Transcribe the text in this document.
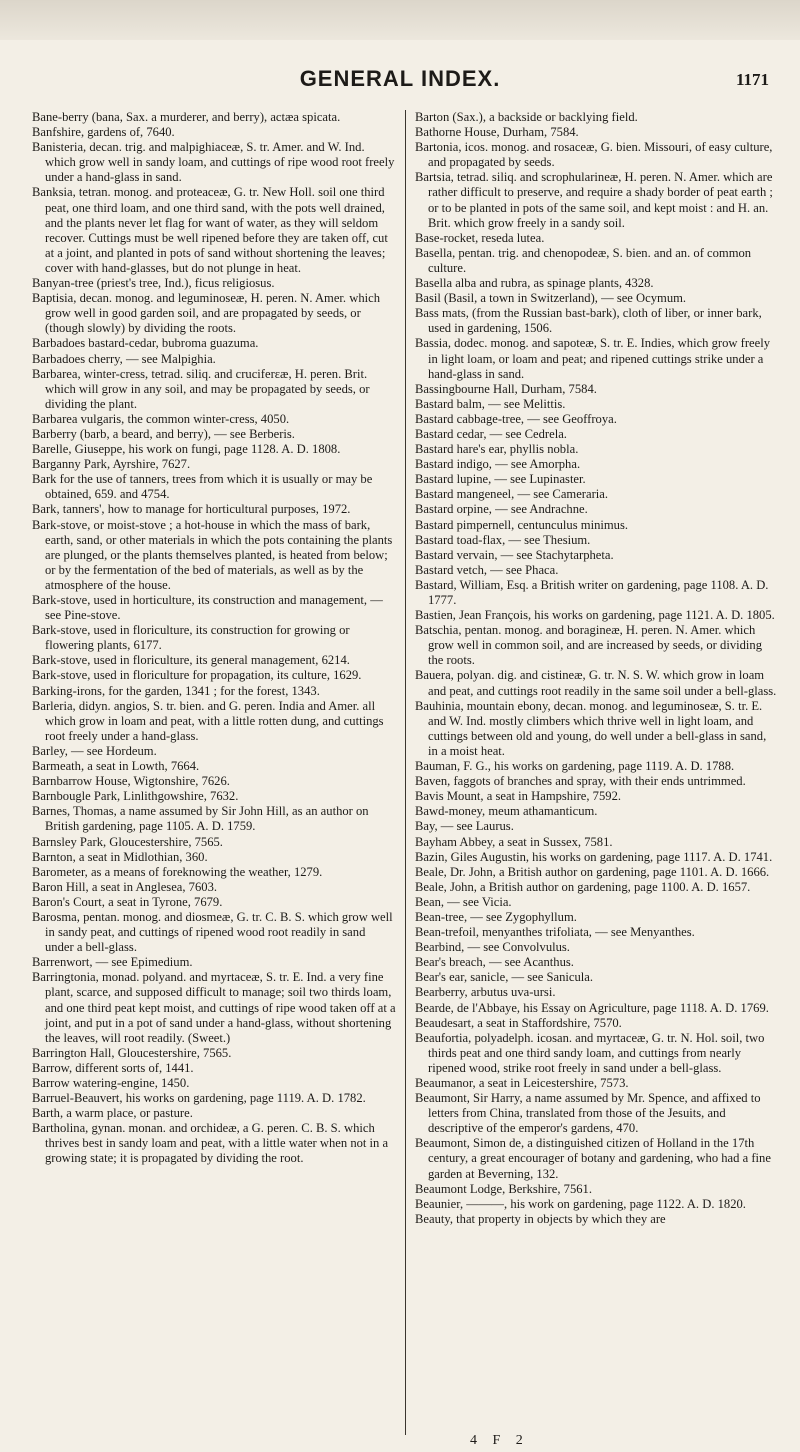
GENERAL INDEX.	1171

Bane-berry (bana, Sax. a murderer, and berry), actæa spicata.

Banfshire, gardens of, 7640.

Banisteria, decan. trig. and malpighiaceæ, S. tr. Amer. and W. Ind. which grow well in sandy loam, and cuttings of ripe wood root freely under a hand-glass in sand.

Banksia, tetran. monog. and proteaceæ, G. tr. New Holl. soil one third peat, one third loam, and one third sand, with the pots well drained, and the plants never let flag for want of water, as they will seldom recover. Cuttings must be well ripened before they are taken off, cut at a joint, and planted in pots of sand without shortening the leaves; cover with hand-glasses, but do not plunge in heat.

Banyan-tree (priest's tree, Ind.), ficus religiosus.

Baptisia, decan. monog. and leguminoseæ, H. peren. N. Amer. which grow well in good garden soil, and are propagated by seeds, or (though slowly) by dividing the roots.

Barbadoes bastard-cedar, bubroma guazuma.

Barbadoes cherry, — see Malpighia.

Barbarea, winter-cress, tetrad. siliq. and cruciferεæ, H. peren. Brit. which will grow in any soil, and may be propagated by seeds, or dividing the plant.

Barbarea vulgaris, the common winter-cress, 4050.

Barberry (barb, a beard, and berry), — see Berberis.

Barelle, Giuseppe, his work on fungi, page 1128. A. D. 1808.

Barganny Park, Ayrshire, 7627.

Bark for the use of tanners, trees from which it is usually or may be obtained, 659. and 4754.

Bark, tanners', how to manage for horticultural purposes, 1972.

Bark-stove, or moist-stove ; a hot-house in which the mass of bark, earth, sand, or other materials in which the pots containing the plants are plunged, or the plants themselves planted, is heated from below; or by the fermentation of the bed of materials, as well as by the atmosphere of the house.

Bark-stove, used in horticulture, its construction and management, — see Pine-stove.

Bark-stove, used in floriculture, its construction for growing or flowering plants, 6177.

Bark-stove, used in floriculture, its general management, 6214.

Bark-stove, used in floriculture for propagation, its culture, 1629.

Barking-irons, for the garden, 1341 ; for the forest, 1343.

Barleria, didyn. angios, S. tr. bien. and G. peren. India and Amer. all which grow in loam and peat, with a little rotten dung, and cuttings root freely under a hand-glass.

Barley, — see Hordeum.

Barmeath, a seat in Lowth, 7664.

Barnbarrow House, Wigtonshire, 7626.

Barnbougle Park, Linlithgowshire, 7632.

Barnes, Thomas, a name assumed by Sir John Hill, as an author on British gardening, page 1105. A. D. 1759.

Barnsley Park, Gloucestershire, 7565.

Barnton, a seat in Midlothian, 360.

Barometer, as a means of foreknowing the weather, 1279.

Baron Hill, a seat in Anglesea, 7603.

Baron's Court, a seat in Tyrone, 7679.

Barosma, pentan. monog. and diosmeæ, G. tr. C. B. S. which grow well in sandy peat, and cuttings of ripened wood root readily in sand under a bell-glass.

Barrenwort, — see Epimedium.

Barringtonia, monad. polyand. and myrtaceæ, S. tr. E. Ind. a very fine plant, scarce, and supposed difficult to manage; soil two thirds loam, and one third peat kept moist, and cuttings of ripe wood taken off at a joint, and put in a pot of sand under a hand-glass, without shortening the leaves, will root readily. (Sweet.)

Barrington Hall, Gloucestershire, 7565.

Barrow, different sorts of, 1441.

Barrow watering-engine, 1450.

Barruel-Beauvert, his works on gardening, page 1119. A. D. 1782.

Barth, a warm place, or pasture.

Bartholina, gynan. monan. and orchideæ, a G. peren. C. B. S. which thrives best in sandy loam and peat, with a little water when not in a growing state; it is propagated by dividing the root.

Barton (Sax.), a backside or backlying field.

Bathorne House, Durham, 7584.

Bartonia, icos. monog. and rosaceæ, G. bien. Missouri, of easy culture, and propagated by seeds.

Bartsia, tetrad. siliq. and scrophularineæ, H. peren. N. Amer. which are rather difficult to preserve, and require a shady border of peat earth ; or to be planted in pots of the same soil, and kept moist : and H. an. Brit. which grow freely in a sandy soil.

Base-rocket, reseda lutea.

Basella, pentan. trig. and chenopodeæ, S. bien. and an. of common culture.

Basella alba and rubra, as spinage plants, 4328.

Basil (Basil, a town in Switzerland), — see Ocymum.

Bass mats, (from the Russian bast-bark), cloth of liber, or inner bark, used in gardening, 1506.

Bassia, dodec. monog. and sapoteæ, S. tr. E. Indies, which grow freely in light loam, or loam and peat; and ripened cuttings strike under a hand-glass in sand.

Bassingbourne Hall, Durham, 7584.

Bastard balm, — see Melittis.

Bastard cabbage-tree, — see Geoffroya.

Bastard cedar, — see Cedrela.

Bastard hare's ear, phyllis nobla.

Bastard indigo, — see Amorpha.

Bastard lupine, — see Lupinaster.

Bastard mangeneel, — see Cameraria.

Bastard orpine, — see Andrachne.

Bastard pimpernell, centunculus minimus.

Bastard toad-flax, — see Thesium.

Bastard vervain, — see Stachytarpheta.

Bastard vetch, — see Phaca.

Bastard, William, Esq. a British writer on gardening, page 1108. A. D. 1777.

Bastien, Jean François, his works on gardening, page 1121. A. D. 1805.

Batschia, pentan. monog. and boragineæ, H. peren. N. Amer. which grow well in common soil, and are increased by seeds, or dividing the roots.

Bauera, polyan. dig. and cistineæ, G. tr. N. S. W. which grow in loam and peat, and cuttings root readily in the same soil under a bell-glass.

Bauhinia, mountain ebony, decan. monog. and leguminoseæ, S. tr. E. and W. Ind. mostly climbers which thrive well in light loam, and cuttings between old and young, do well under a bell-glass in sand, in a moist heat.

Bauman, F. G., his works on gardening, page 1119. A. D. 1788.

Baven, faggots of branches and spray, with their ends untrimmed.

Bavis Mount, a seat in Hampshire, 7592.

Bawd-money, meum athamanticum.

Bay, — see Laurus.

Bayham Abbey, a seat in Sussex, 7581.

Bazin, Giles Augustin, his works on gardening, page 1117. A. D. 1741.

Beale, Dr. John, a British author on gardening, page 1101. A. D. 1666.

Beale, John, a British author on gardening, page 1100. A. D. 1657.

Bean, — see Vicia.

Bean-tree, — see Zygophyllum.

Bean-trefoil, menyanthes trifoliata, — see Menyanthes.

Bearbind, — see Convolvulus.

Bear's breach, — see Acanthus.

Bear's ear, sanicle, — see Sanicula.

Bearberry, arbutus uva-ursi.

Bearde, de l'Abbaye, his Essay on Agriculture, page 1118. A. D. 1769.

Beaudesart, a seat in Staffordshire, 7570.

Beaufortia, polyadelph. icosan. and myrtaceæ, G. tr. N. Hol. soil, two thirds peat and one third sandy loam, and cuttings from nearly ripened wood, strike root freely in sand under a bell-glass.

Beaumanor, a seat in Leicestershire, 7573.

Beaumont, Sir Harry, a name assumed by Mr. Spence, and affixed to letters from China, translated from those of the Jesuits, and descriptive of the emperor's gardens, 470.

Beaumont, Simon de, a distinguished citizen of Holland in the 17th century, a great encourager of botany and gardening, who had a fine garden at Beverning, 132.

Beaumont Lodge, Berkshire, 7561.

Beaunier, ———, his work on gardening, page 1122. A. D. 1820.

Beauty, that property in objects by which they are

4 F 2
